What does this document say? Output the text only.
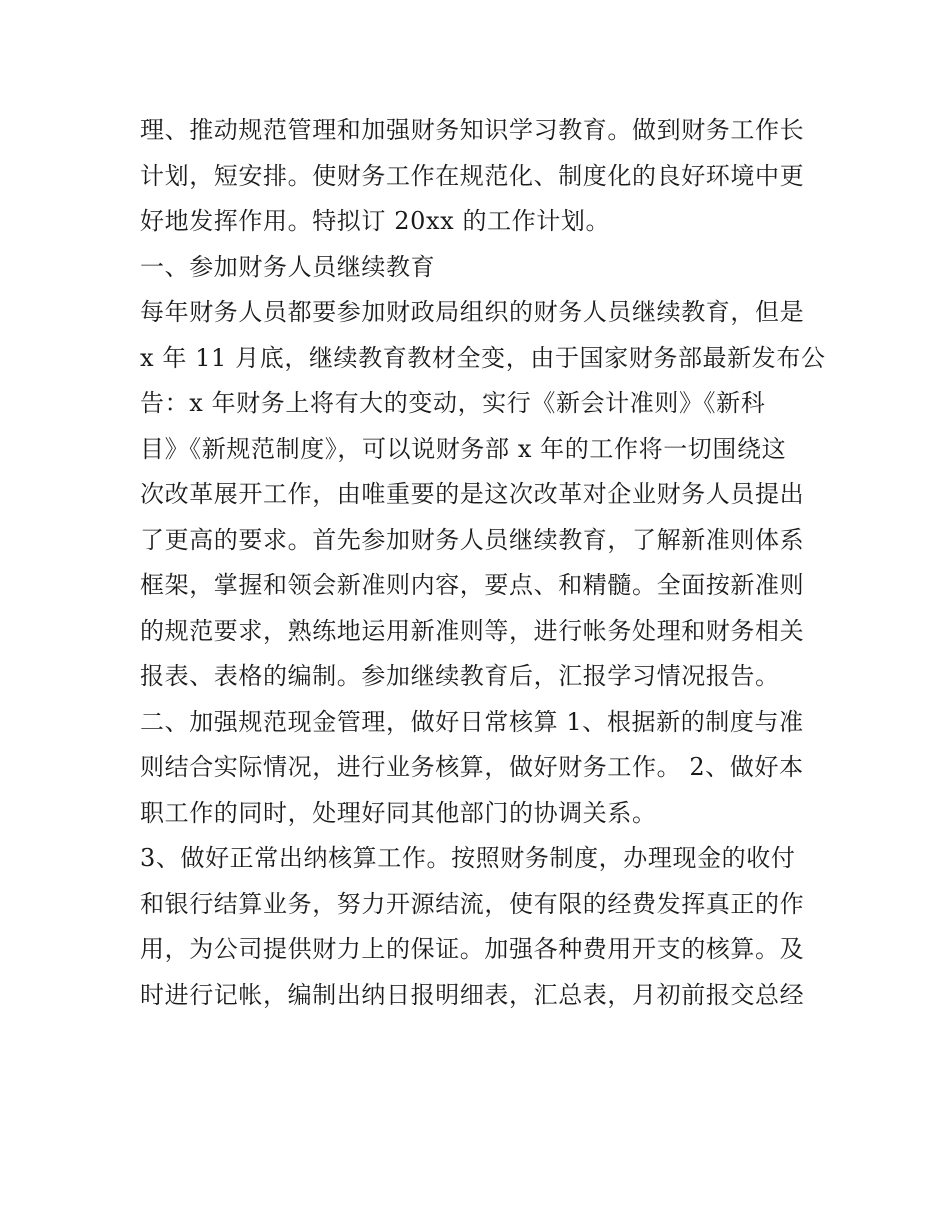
理、推动规范管理和加强财务知识学习教育。做到财务工作长
计划，短安排。使财务工作在规范化、制度化的良好环境中更
好地发挥作用。特拟订 20xx 的工作计划。
一、参加财务人员继续教育
每年财务人员都要参加财政局组织的财务人员继续教育，但是
x 年 11 月底，继续教育教材全变，由于国家财务部最新发布公
告：x 年财务上将有大的变动，实行《新会计准则》《新科
目》《新规范制度》，可以说财务部 x 年的工作将一切围绕这
次改革展开工作，由唯重要的是这次改革对企业财务人员提出
了更高的要求。首先参加财务人员继续教育，了解新准则体系
框架，掌握和领会新准则内容，要点、和精髓。全面按新准则
的规范要求，熟练地运用新准则等，进行帐务处理和财务相关
报表、表格的编制。参加继续教育后，汇报学习情况报告。
二、加强规范现金管理，做好日常核算 1、根据新的制度与准
则结合实际情况，进行业务核算，做好财务工作。 2、做好本
职工作的同时，处理好同其他部门的协调关系。
3、做好正常出纳核算工作。按照财务制度，办理现金的收付
和银行结算业务，努力开源结流，使有限的经费发挥真正的作
用，为公司提供财力上的保证。加强各种费用开支的核算。及
时进行记帐，编制出纳日报明细表，汇总表，月初前报交总经
